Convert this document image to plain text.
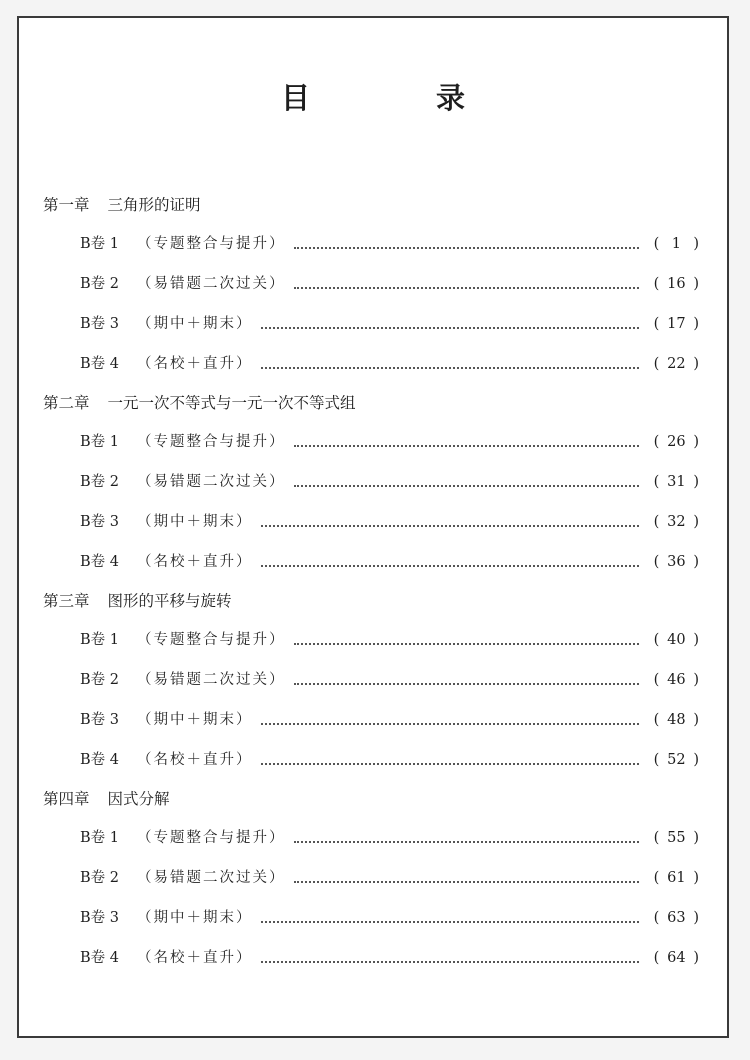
目 录
第一章 三角形的证明
B卷 1 （专题整合与提升）	( 1 )
B卷 2 （易错题二次过关）	( 16 )
B卷 3 （期中＋期末）	( 17 )
B卷 4 （名校＋直升）	( 22 )
第二章 一元一次不等式与一元一次不等式组
B卷 1 （专题整合与提升）	( 26 )
B卷 2 （易错题二次过关）	( 31 )
B卷 3 （期中＋期末）	( 32 )
B卷 4 （名校＋直升）	( 36 )
第三章 图形的平移与旋转
B卷 1 （专题整合与提升）	( 40 )
B卷 2 （易错题二次过关）	( 46 )
B卷 3 （期中＋期末）	( 48 )
B卷 4 （名校＋直升）	( 52 )
第四章 因式分解
B卷 1 （专题整合与提升）	( 55 )
B卷 2 （易错题二次过关）	( 61 )
B卷 3 （期中＋期末）	( 63 )
B卷 4 （名校＋直升）	( 64 )
